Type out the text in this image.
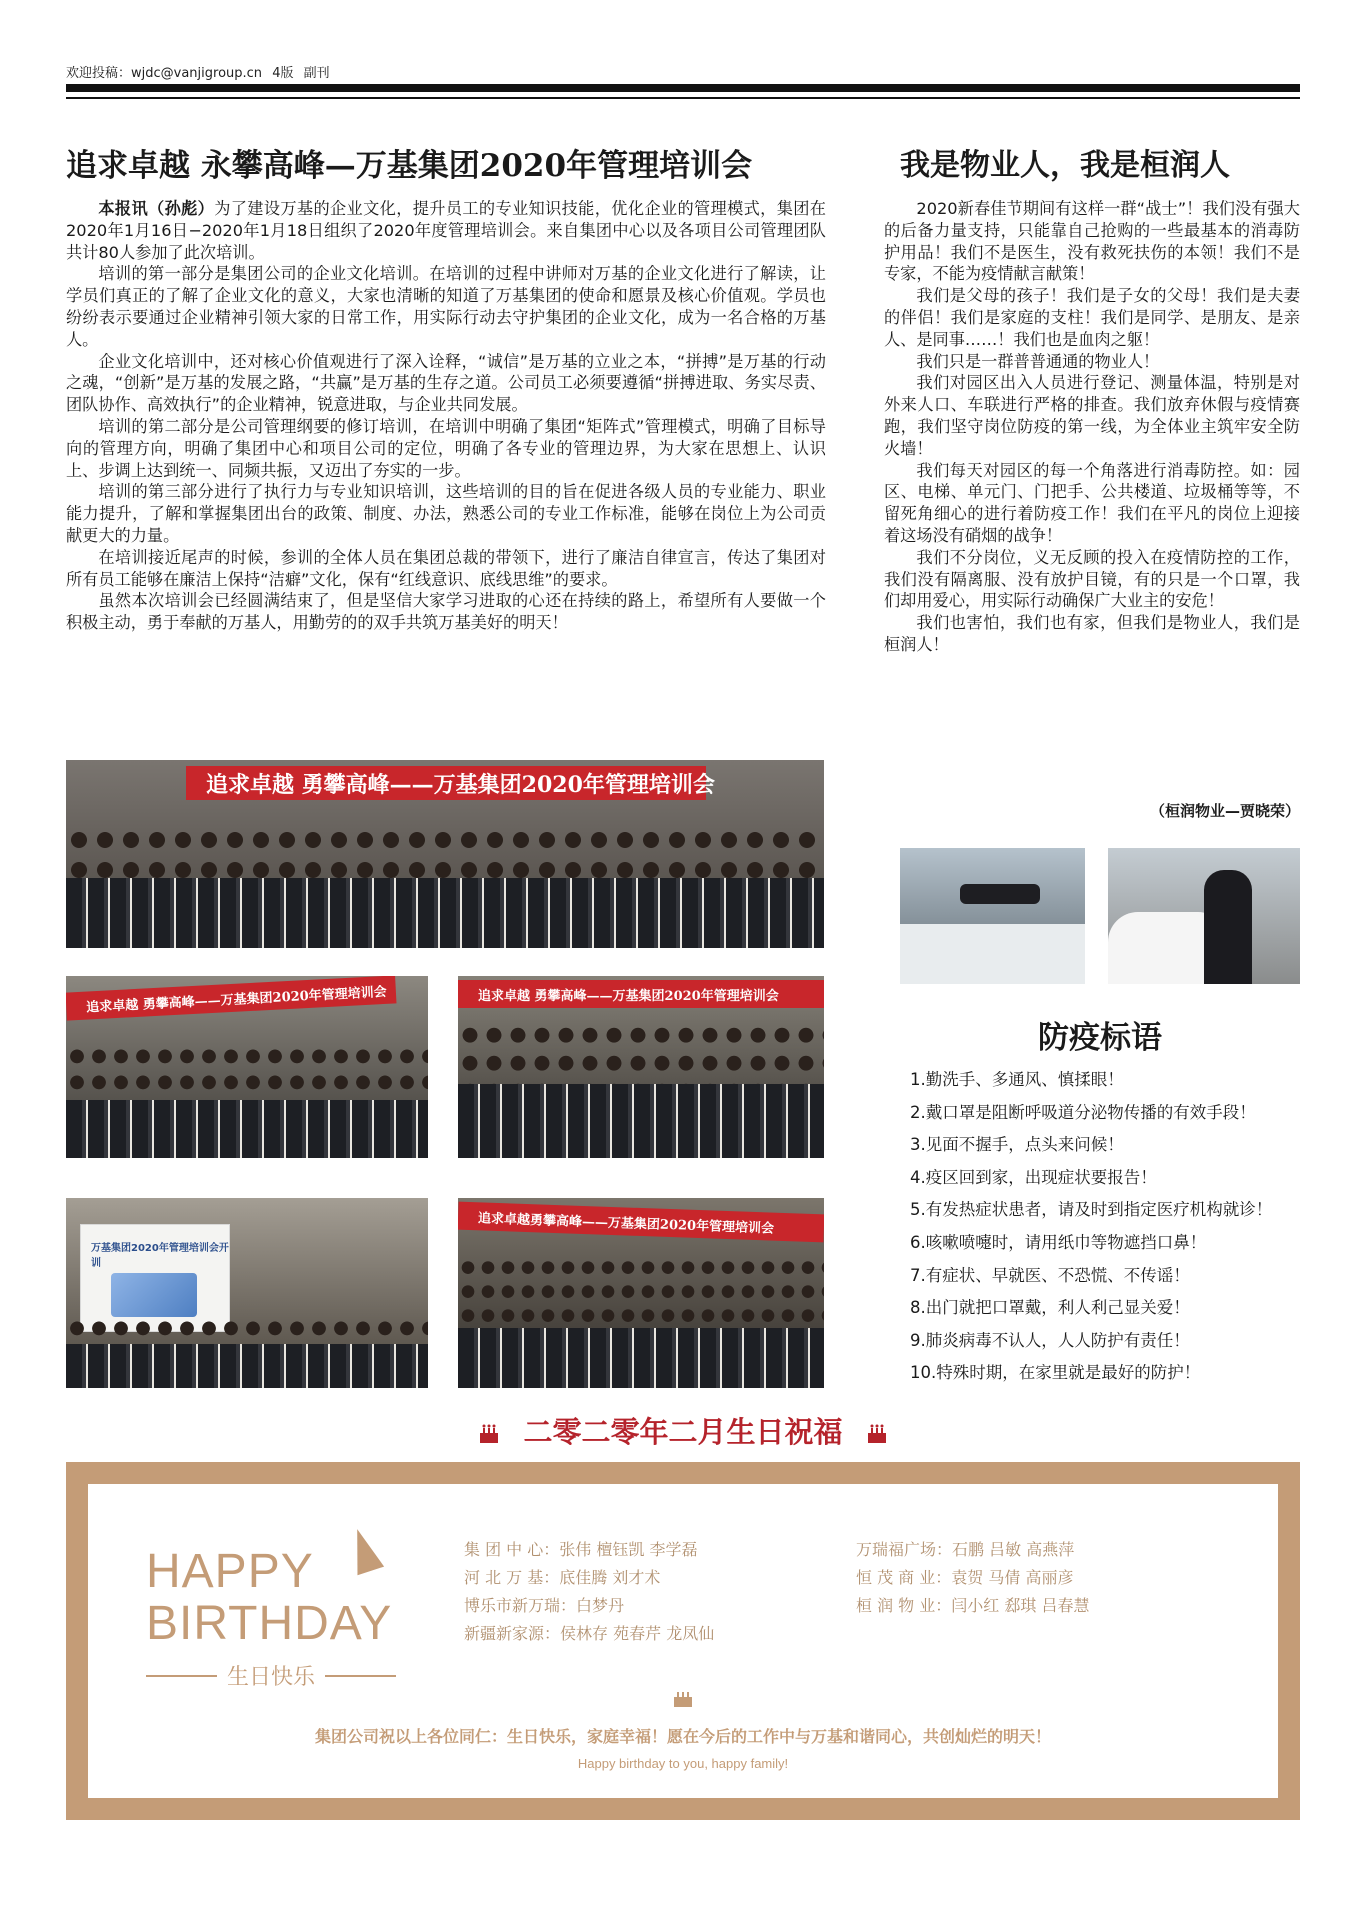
欢迎投稿：wjdc@vanjigroup.cn 4版 副刊
追求卓越 永攀高峰—万基集团2020年管理培训会

本报讯（孙彪）为了建设万基的企业文化，提升员工的专业知识技能，优化企业的管理模式，集团在2020年1月16日−2020年1月18日组织了2020年度管理培训会。来自集团中心以及各项目公司管理团队共计80人参加了此次培训。

培训的第一部分是集团公司的企业文化培训。在培训的过程中讲师对万基的企业文化进行了解读，让学员们真正的了解了企业文化的意义，大家也清晰的知道了万基集团的使命和愿景及核心价值观。学员也纷纷表示要通过企业精神引领大家的日常工作，用实际行动去守护集团的企业文化，成为一名合格的万基人。

企业文化培训中，还对核心价值观进行了深入诠释，“诚信”是万基的立业之本，“拼搏”是万基的行动之魂，“创新”是万基的发展之路，“共赢”是万基的生存之道。公司员工必须要遵循“拼搏进取、务实尽责、团队协作、高效执行”的企业精神，锐意进取，与企业共同发展。

培训的第二部分是公司管理纲要的修订培训，在培训中明确了集团“矩阵式”管理模式，明确了目标导向的管理方向，明确了集团中心和项目公司的定位，明确了各专业的管理边界，为大家在思想上、认识上、步调上达到统一、同频共振，又迈出了夯实的一步。

培训的第三部分进行了执行力与专业知识培训，这些培训的目的旨在促进各级人员的专业能力、职业能力提升，了解和掌握集团出台的政策、制度、办法，熟悉公司的专业工作标准，能够在岗位上为公司贡献更大的力量。

在培训接近尾声的时候，参训的全体人员在集团总裁的带领下，进行了廉洁自律宣言，传达了集团对所有员工能够在廉洁上保持“洁癖”文化，保有“红线意识、底线思维”的要求。

虽然本次培训会已经圆满结束了，但是坚信大家学习进取的心还在持续的路上，希望所有人要做一个积极主动，勇于奉献的万基人，用勤劳的的双手共筑万基美好的明天！

追求卓越 勇攀高峰——万基集团2020年管理培训会
追求卓越 勇攀高峰——万基集团2020年管理培训会	追求卓越 勇攀高峰——万基集团2020年管理培训会
万基集团2020年管理培训会开训
追求卓越勇攀高峰——万基集团2020年管理培训会
我是物业人，我是桓润人

2020新春佳节期间有这样一群“战士”！我们没有强大的后备力量支持，只能靠自己抢购的一些最基本的消毒防护用品！我们不是医生，没有救死扶伤的本领！我们不是专家，不能为疫情献言献策！

我们是父母的孩子！我们是子女的父母！我们是夫妻的伴侣！我们是家庭的支柱！我们是同学、是朋友、是亲人、是同事……！我们也是血肉之躯！

我们只是一群普普通通的物业人！

我们对园区出入人员进行登记、测量体温，特别是对外来人口、车联进行严格的排查。我们放弃休假与疫情赛跑，我们坚守岗位防疫的第一线，为全体业主筑牢安全防火墙！

我们每天对园区的每一个角落进行消毒防控。如：园区、电梯、单元门、门把手、公共楼道、垃圾桶等等，不留死角细心的进行着防疫工作！我们在平凡的岗位上迎接着这场没有硝烟的战争！

我们不分岗位，义无反顾的投入在疫情防控的工作，我们没有隔离服、没有放护目镜，有的只是一个口罩，我们却用爱心，用实际行动确保广大业主的安危！

我们也害怕，我们也有家，但我们是物业人，我们是桓润人！

（桓润物业—贾晓荣）
防疫标语
1.勤洗手、多通风、慎揉眼！
2.戴口罩是阻断呼吸道分泌物传播的有效手段！
3.见面不握手，点头来问候！
4.疫区回到家，出现症状要报告！
5.有发热症状患者，请及时到指定医疗机构就诊！
6.咳嗽喷嚏时，请用纸巾等物遮挡口鼻！
7.有症状、早就医、不恐慌、不传谣！
8.出门就把口罩戴，利人利己显关爱！
9.肺炎病毒不认人，人人防护有责任！
10.特殊时期，在家里就是最好的防护！
二零二零年二月生日祝福
HAPPY
BIRTHDAY
生日快乐
集 团 中 心：张伟 檀钰凯 李学磊
河 北 万 基：底佳腾 刘才术
博乐市新万瑞：白梦丹
新疆新家源：侯林存 苑春芹 龙凤仙
万瑞福广场：石鹏 吕敏 高燕萍
恒 茂 商 业：袁贺 马倩 高丽彦
桓 润 物 业：闫小红 郄琪 吕春慧
集团公司祝以上各位同仁：生日快乐，家庭幸福！愿在今后的工作中与万基和谐同心，共创灿烂的明天！
Happy birthday to you, happy family!
